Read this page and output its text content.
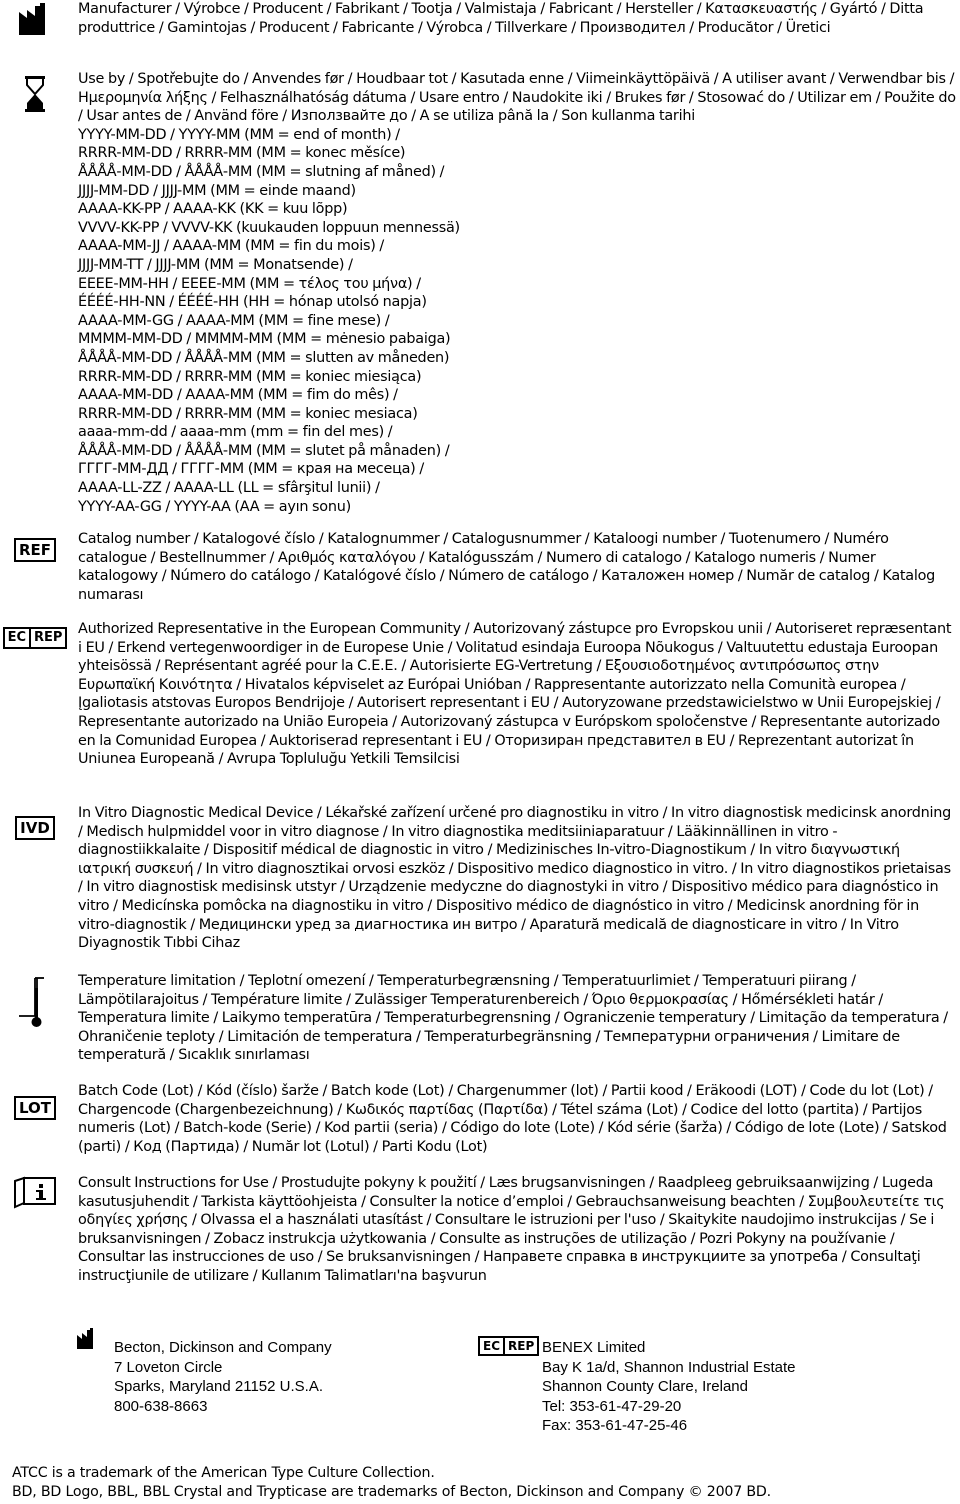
Manufacturer / Výrobce / Producent / Fabrikant / Tootja / Valmistaja / Fabricant / Hersteller / Κατασκευαστής / Gyártó / Ditta produttrice / Gamintojas / Producent / Fabricante / Výrobca / Tillverkare / Производител / Producător / Üretici
Use by / Spotřebujte do / Anvendes før / Houdbaar tot / Kasutada enne / Viimeinkäyttöpäivä / A utiliser avant / Verwendbar bis / Ημερομηνία λήξης / Felhasználhatóság dátuma / Usare entro / Naudokite iki / Brukes før / Stosować do / Utilizar em / Použite do / Usar antes de / Använd före / Използвайте до / A se utiliza până la / Son kullanma tarihi
YYYY-MM-DD / YYYY-MM (MM = end of month) /
RRRR-MM-DD / RRRR-MM (MM = konec měsíce)
ÅÅÅÅ-MM-DD / ÅÅÅÅ-MM (MM = slutning af måned) /
JJJJ-MM-DD / JJJJ-MM (MM = einde maand)
AAAA-KK-PP / AAAA-KK (KK = kuu lõpp)
VVVV-KK-PP / VVVV-KK (kuukauden loppuun mennessä)
AAAA-MM-JJ / AAAA-MM (MM = fin du mois) /
JJJJ-MM-TT / JJJJ-MM (MM = Monatsende) /
ΕΕΕΕ-ΜΜ-ΗΗ / ΕΕΕΕ-ΜΜ (ΜΜ = τέλος του μήνα) /
ÉÉÉÉ-HH-NN / ÉÉÉÉ-HH (HH = hónap utolsó napja)
AAAA-MM-GG / AAAA-MM (MM = fine mese) /
MMMM-MM-DD / MMMM-MM (MM = mėnesio pabaiga)
ÅÅÅÅ-MM-DD / ÅÅÅÅ-MM (MM = slutten av måneden)
RRRR-MM-DD / RRRR-MM (MM = koniec miesiąca)
AAAA-MM-DD / AAAA-MM (MM = fim do mês) /
RRRR-MM-DD / RRRR-MM (MM = koniec mesiaca)
aaaa-mm-dd / aaaa-mm (mm = fin del mes) /
ÅÅÅÅ-MM-DD / ÅÅÅÅ-MM (MM = slutet på månaden) /
ГГГГ-ММ-ДД / ГГГГ-ММ (ММ = края на месеца) /
AAAA-LL-ZZ / AAAA-LL (LL = sfârşitul lunii) /
YYYY-AA-GG / YYYY-AA (AA = ayın sonu)
REF
Catalog number / Katalogové číslo / Katalognummer / Catalogusnummer / Kataloogi number / Tuotenumero / Numéro catalogue / Bestellnummer / Αριθμός καταλόγου / Katalógusszám / Numero di catalogo / Katalogo numeris / Numer katalogowy / Número do catálogo / Katalógové číslo / Número de catálogo / Каталожен номер / Număr de catalog / Katalog numarası
EC REP
Authorized Representative in the European Community / Autorizovaný zástupce pro Evropskou unii / Autoriseret repræsentant i EU / Erkend vertegenwoordiger in de Europese Unie / Volitatud esindaja Euroopa Nõukogus / Valtuutettu edustaja Euroopan yhteisössä / Représentant agréé pour la C.E.E. / Autorisierte EG-Vertretung / Εξουσιοδοτημένος αντιπρόσωπος στην Ευρωπαϊκή Κοινότητα / Hivatalos képviselet az Európai Unióban / Rappresentante autorizzato nella Comunità europea / Įgaliotasis atstovas Europos Bendrijoje / Autorisert representant i EU / Autoryzowane przedstawicielstwo w Unii Europejskiej / Representante autorizado na União Europeia / Autorizovaný zástupca v Európskom spoločenstve / Representante autorizado en la Comunidad Europea / Auktoriserad representant i EU / Оторизиран представител в EU / Reprezentant autorizat în Uniunea Europeană / Avrupa Topluluğu Yetkili Temsilcisi
IVD
In Vitro Diagnostic Medical Device / Lékařské zařízení určené pro diagnostiku in vitro / In vitro diagnostisk medicinsk anordning / Medisch hulpmiddel voor in vitro diagnose / In vitro diagnostika meditsiiniaparatuur / Lääkinnällinen in vitro -diagnostiikkalaite / Dispositif médical de diagnostic in vitro / Medizinisches In-vitro-Diagnostikum / In vitro διαγνωστική ιατρική συσκευή / In vitro diagnosztikai orvosi eszköz / Dispositivo medico diagnostico in vitro. / In vitro diagnostikos prietaisas / In vitro diagnostisk medisinsk utstyr / Urządzenie medyczne do diagnostyki in vitro / Dispositivo médico para diagnóstico in vitro / Medicínska pomôcka na diagnostiku in vitro / Dispositivo médico de diagnóstico in vitro / Medicinsk anordning för in vitro-diagnostik / Медицински уред за диагностика ин витро / Aparatură medicală de diagnosticare in vitro / In Vitro Diyagnostik Tıbbi Cihaz
Temperature limitation / Teplotní omezení / Temperaturbegrænsning / Temperatuurlimiet / Temperatuuri piirang / Lämpötilarajoitus / Température limite / Zulässiger Temperaturenbereich / Όριο θερμοκρασίας / Hőmérsékleti határ / Temperatura limite / Laikymo temperatūra / Temperaturbegrensning / Ograniczenie temperatury / Limitação da temperatura / Ohraničenie teploty / Limitación de temperatura / Temperaturbegränsning / Температурни ограничения / Limitare de temperatură / Sıcaklık sınırlaması
LOT
Batch Code (Lot) / Kód (číslo) šarže / Batch kode (Lot) / Chargenummer (lot) / Partii kood / Eräkoodi (LOT) / Code du lot (Lot) / Chargencode (Chargenbezeichnung) / Κωδικός παρτίδας (Παρτίδα) / Tétel száma (Lot) / Codice del lotto (partita) / Partijos numeris (Lot) / Batch-kode (Serie) / Kod partii (seria) / Código do lote (Lote) / Kód série (šarža) / Código de lote (Lote) / Satskod (parti) / Код (Партида) / Număr lot (Lotul) / Parti Kodu (Lot)
Consult Instructions for Use / Prostudujte pokyny k použití / Læs brugsanvisningen / Raadpleeg gebruiksaanwijzing / Lugeda kasutusjuhendit / Tarkista käyttöohjeista / Consulter la notice d’emploi / Gebrauchsanweisung beachten / Συμβουλευτείτε τις οδηγίες χρήσης / Olvassa el a használati utasítást / Consultare le istruzioni per l'uso / Skaitykite naudojimo instrukcijas / Se i bruksanvisningen / Zobacz instrukcja użytkowania / Consulte as instruções de utilização / Pozri Pokyny na používanie / Consultar las instrucciones de uso / Se bruksanvisningen / Направете справка в инструкциите за употреба / Consultaţi instrucţiunile de utilizare / Kullanım Talimatları'na başvurun
Becton, Dickinson and Company
7 Loveton Circle
Sparks, Maryland 21152 U.S.A.
800-638-8663
EC REP BENEX Limited
Bay K 1a/d, Shannon Industrial Estate
Shannon County Clare, Ireland
Tel: 353-61-47-29-20
Fax: 353-61-47-25-46
ATCC is a trademark of the American Type Culture Collection.
BD, BD Logo, BBL, BBL Crystal and Trypticase are trademarks of Becton, Dickinson and Company © 2007 BD.
